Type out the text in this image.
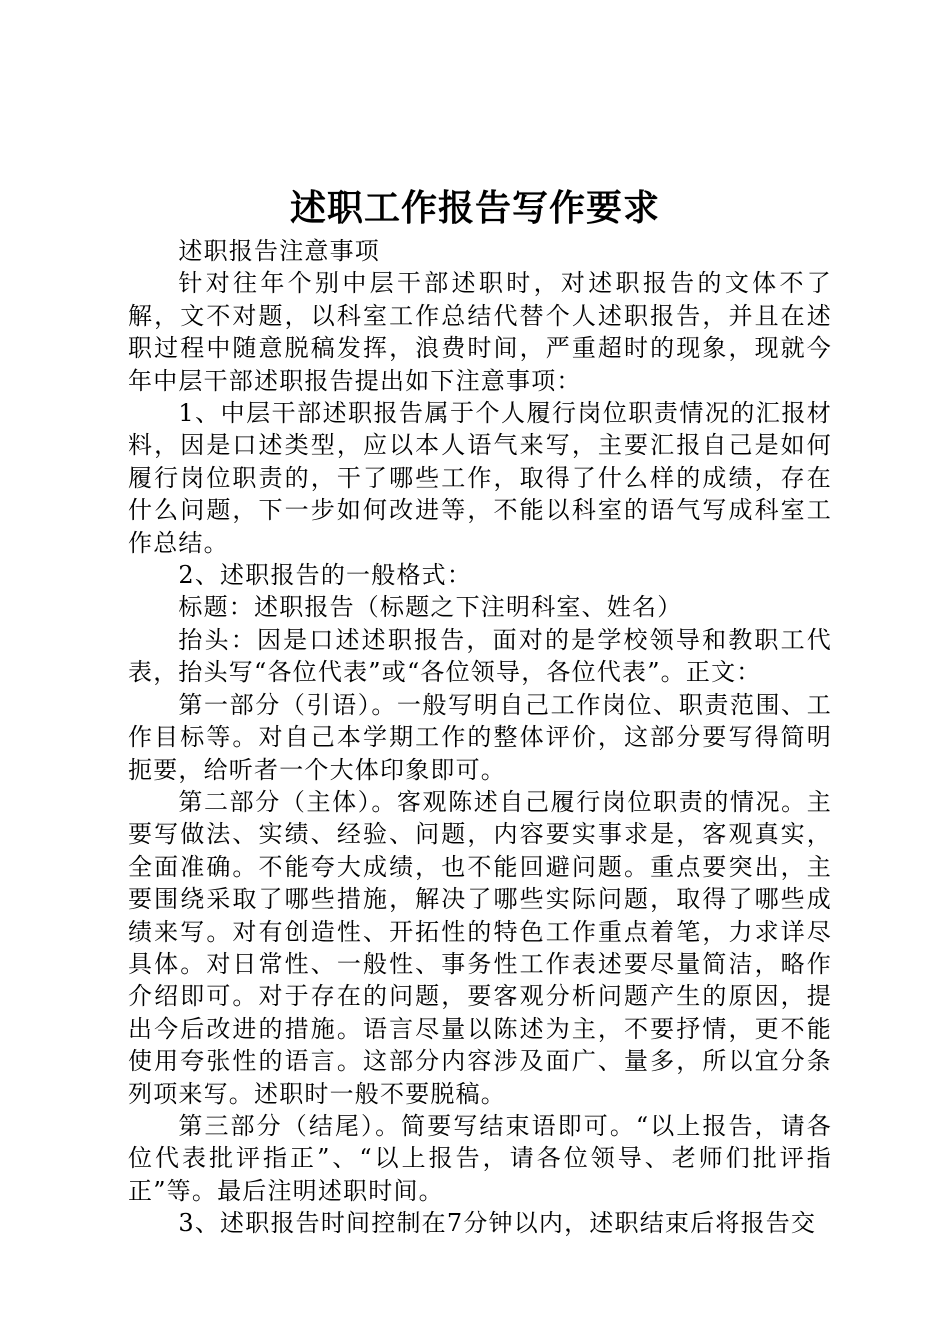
述职工作报告写作要求

述职报告注意事项

针对往年个别中层干部述职时，对述职报告的文体不了解，文不对题，以科室工作总结代替个人述职报告，并且在述职过程中随意脱稿发挥，浪费时间，严重超时的现象，现就今年中层干部述职报告提出如下注意事项：

1、中层干部述职报告属于个人履行岗位职责情况的汇报材料，因是口述类型，应以本人语气来写，主要汇报自己是如何履行岗位职责的，干了哪些工作，取得了什么样的成绩，存在什么问题，下一步如何改进等，不能以科室的语气写成科室工作总结。

2、述职报告的一般格式：

标题：述职报告（标题之下注明科室、姓名）

抬头：因是口述述职报告，面对的是学校领导和教职工代表，抬头写“各位代表”或“各位领导，各位代表”。正文：

第一部分（引语）。一般写明自己工作岗位、职责范围、工作目标等。对自己本学期工作的整体评价，这部分要写得简明扼要，给听者一个大体印象即可。

第二部分（主体）。客观陈述自己履行岗位职责的情况。主要写做法、实绩、经验、问题，内容要实事求是，客观真实，全面准确。不能夸大成绩，也不能回避问题。重点要突出，主要围绕采取了哪些措施，解决了哪些实际问题，取得了哪些成绩来写。对有创造性、开拓性的特色工作重点着笔，力求详尽具体。对日常性、一般性、事务性工作表述要尽量简洁，略作介绍即可。对于存在的问题，要客观分析问题产生的原因，提出今后改进的措施。语言尽量以陈述为主，不要抒情，更不能使用夸张性的语言。这部分内容涉及面广、量多，所以宜分条列项来写。述职时一般不要脱稿。

第三部分（结尾）。简要写结束语即可。“以上报告，请各位代表批评指正”、“以上报告，请各位领导、老师们批评指正”等。最后注明述职时间。

3、述职报告时间控制在7分钟以内，述职结束后将报告交
